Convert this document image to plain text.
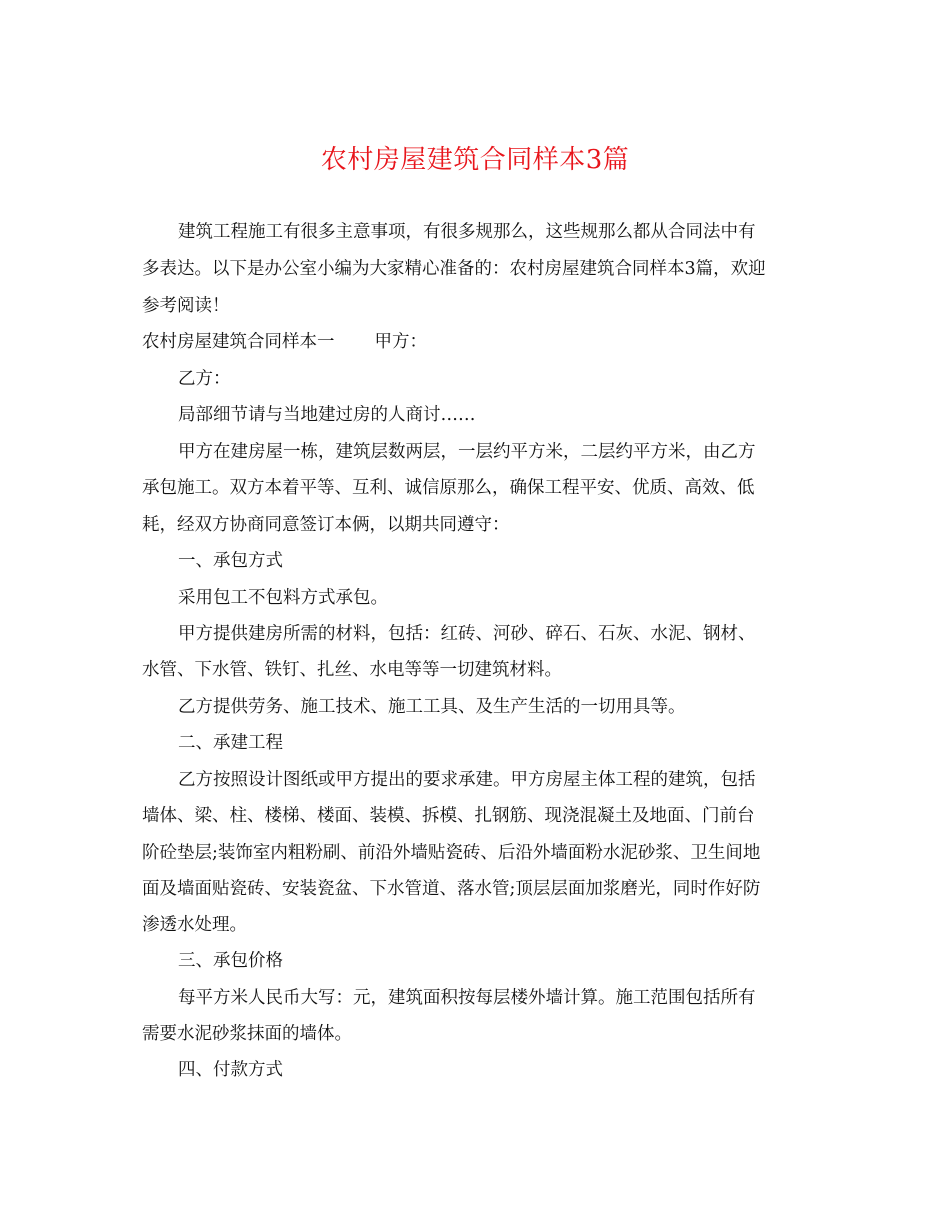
农村房屋建筑合同样本3篇
建筑工程施工有很多主意事项，有很多规那么，这些规那么都从合同法中有
多表达。以下是办公室小编为大家精心准备的：农村房屋建筑合同样本3篇，欢迎
参考阅读！
农村房屋建筑合同样本一 甲方：
乙方：
局部细节请与当地建过房的人商讨……
甲方在建房屋一栋，建筑层数两层，一层约平方米，二层约平方米，由乙方
承包施工。双方本着平等、互利、诚信原那么，确保工程平安、优质、高效、低
耗，经双方协商同意签订本俩，以期共同遵守：
一、承包方式
采用包工不包料方式承包。
甲方提供建房所需的材料，包括：红砖、河砂、碎石、石灰、水泥、钢材、
水管、下水管、铁钉、扎丝、水电等等一切建筑材料。
乙方提供劳务、施工技术、施工工具、及生产生活的一切用具等。
二、承建工程
乙方按照设计图纸或甲方提出的要求承建。甲方房屋主体工程的建筑，包括
墙体、梁、柱、楼梯、楼面、装模、拆模、扎钢筋、现浇混凝土及地面、门前台
阶砼垫层;装饰室内粗粉刷、前沿外墙贴瓷砖、后沿外墙面粉水泥砂浆、卫生间地
面及墙面贴瓷砖、安装瓷盆、下水管道、落水管;顶层层面加浆磨光，同时作好防
渗透水处理。
三、承包价格
每平方米人民币大写：元，建筑面积按每层楼外墙计算。施工范围包括所有
需要水泥砂浆抹面的墙体。
四、付款方式
